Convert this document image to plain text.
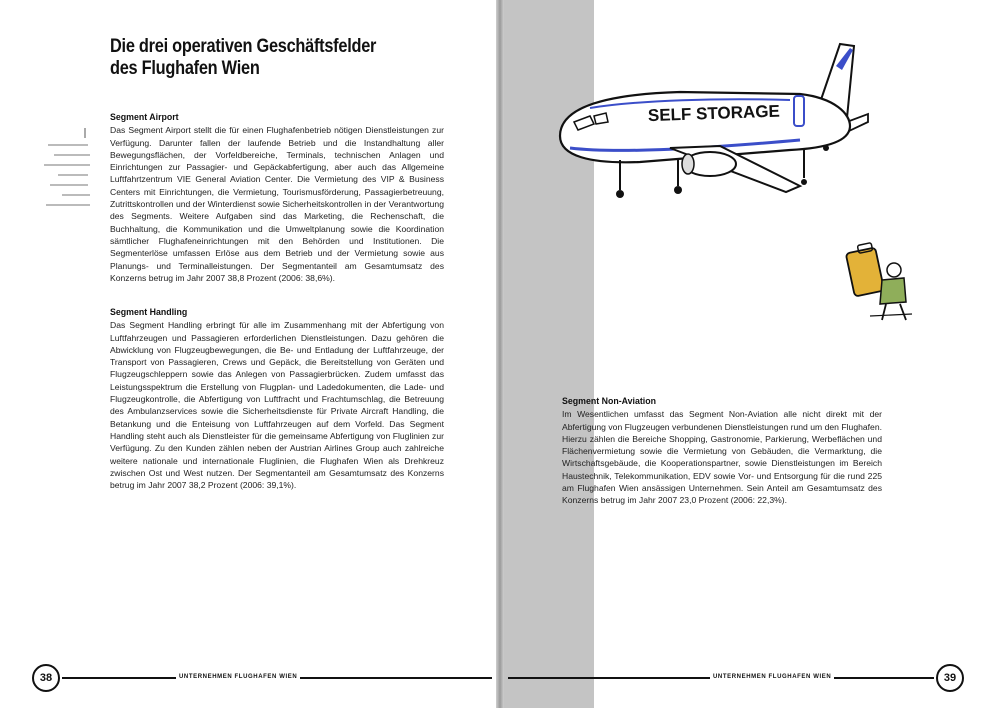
Die drei operativen Geschäftsfelder
des Flughafen Wien
Segment Airport

Das Segment Airport stellt die für einen Flughafenbetrieb nötigen Dienstleistungen zur Verfügung. Darunter fallen der laufende Betrieb und die Instandhaltung aller Bewegungsflächen, der Vorfeldbereiche, Terminals, technischen Anlagen und Einrichtungen zur Passagier- und Gepäckabfertigung, aber auch das Allgemeine Luftfahrtzentrum VIE General Aviation Center. Die Vermietung des VIP & Business Centers mit Einrichtungen, die Vermietung, Tourismusförderung, Passagierbetreuung, Zutrittskontrollen und der Winterdienst sowie Sicherheitskontrollen in der Verantwortung des Segments. Weitere Aufgaben sind das Marketing, die Rechenschaft, die Buchhaltung, die Kommunikation und die Umweltplanung sowie die Koordination sämtlicher Flughafeneinrichtungen mit den Behörden und Institutionen. Die Segmenterlöse umfassen Erlöse aus dem Betrieb und der Vermietung sowie aus Planungs- und Terminalleistungen. Der Segmentanteil am Gesamtumsatz des Konzerns betrug im Jahr 2007 38,8 Prozent (2006: 38,6%).

Segment Handling

Das Segment Handling erbringt für alle im Zusammenhang mit der Abfertigung von Luftfahrzeugen und Passagieren erforderlichen Dienstleistungen. Dazu gehören die Abwicklung von Flugzeugbewegungen, die Be- und Entladung der Luftfahrzeuge, der Transport von Passagieren, Crews und Gepäck, die Bereitstellung von Geräten und Flugzeugschleppern sowie das Anlegen von Passagierbrücken. Zudem umfasst das Leistungsspektrum die Erstellung von Flugplan- und Ladedokumenten, die Lade- und Flugzeugkontrolle, die Abfertigung von Luftfracht und Frachtumschlag, die Betreuung des Ambulanzservices sowie die Sicherheitsdienste für Private Aircraft Handling, die Betankung und die Enteisung von Luftfahrzeugen auf dem Vorfeld. Das Segment Handling steht auch als Dienstleister für die gemeinsame Abfertigung von Fluglinien zur Verfügung. Zu den Kunden zählen neben der Austrian Airlines Group auch zahlreiche weitere nationale und internationale Fluglinien, die Flughafen Wien als Drehkreuz zwischen Ost und West nutzen. Der Segmentanteil am Gesamtumsatz des Konzerns betrug im Jahr 2007 38,2 Prozent (2006: 39,1%).

38	UNTERNEHMEN FLUGHAFEN WIEN
SELF STORAGE
Segment Non-Aviation

Im Wesentlichen umfasst das Segment Non-Aviation alle nicht direkt mit der Abfertigung von Flugzeugen verbundenen Dienstleistungen rund um den Flughafen. Hierzu zählen die Bereiche Shopping, Gastronomie, Parkierung, Werbeflächen und Flächenvermietung sowie die Vermietung von Gebäuden, die Vermarktung, die Wirtschaftsgebäude, die Kooperationspartner, sowie Dienstleistungen im Bereich Haustechnik, Telekommunikation, EDV sowie Vor- und Entsorgung für die rund 225 am Flughafen Wien ansässigen Unternehmen. Sein Anteil am Gesamtumsatz des Konzerns betrug im Jahr 2007 23,0 Prozent (2006: 22,3%).

UNTERNEHMEN FLUGHAFEN WIEN	39
